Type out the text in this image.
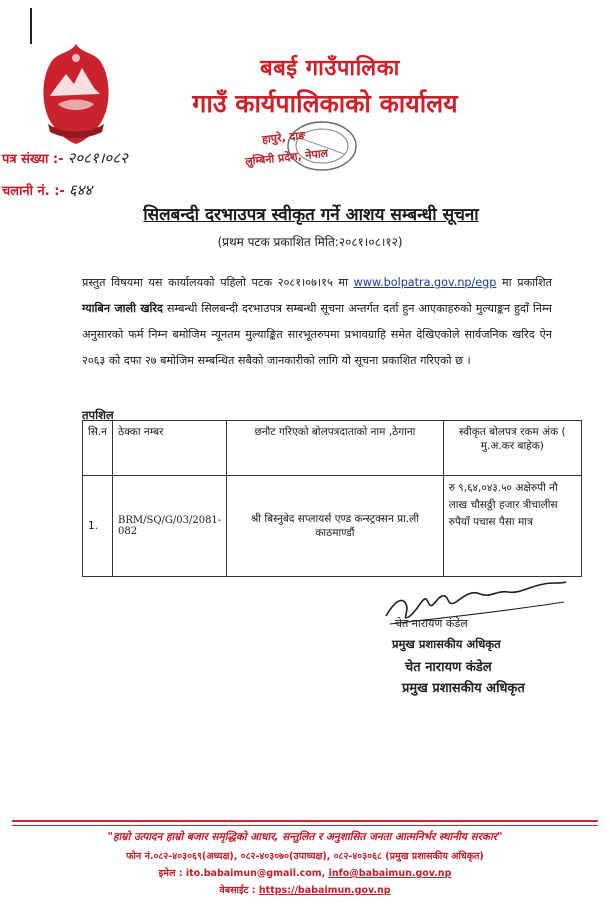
बबई गाउँपालिका
गाउँ कार्यपालिकाको कार्यालय
हापुरे, दाङ
लुम्बिनी प्रदेश, नेपाल
पत्र संख्या :- २०८१।०८२
चलानी नं. :- ६४४
सिलबन्दी दरभाउपत्र स्वीकृत गर्ने आशय सम्बन्धी सूचना
(प्रथम पटक प्रकाशित मिति:२०८१।०८।१२)
प्रस्तुत विषयमा यस कार्यालयको पहिलो पटक २०८१।०७।१५ मा www.bolpatra.gov.np/egp मा प्रकाशित ग्याबिन जाली खरिद सम्बन्धी सिलबन्दी दरभाउपत्र सम्बन्धी सूचना अन्तर्गत दर्ता हुन आएकाहरुको मुल्याङ्कन हुदाँ निम्न अनुसारको फर्म निम्न बमोजिम न्यूनतम मुल्याङ्कित सारभूतरुपमा प्रभावग्राहि समेत देखिएकोले सार्वजनिक खरिद ऐन २०६३ को दफा २७ बमोजिम सम्बन्धित सबैको जानकारीको लागि यो सूचना प्रकाशित गरिएको छ ।
तपशिल
सि.न	ठेक्का नम्बर	छनौट गरिएको बोलपत्रदाताको नाम ,ठेगाना	स्वीकृत बोलपत्र रकम अंक ( मु.अ.कर बाहेक)
1.	BRM/SQ/G/03/2081-082	श्री बिस्नुबेद सप्लायर्स एण्ड कन्स्ट्रक्सन प्रा.ली काठमाण्डौं	रु ९,६४,०४३.५० अक्षेरुपी नौ लाख चौसठ्ठी हजार त्रीचालीस रुपैयाँ पचास पैसा मात्र
चेत नारायण कंडेल
प्रमुख प्रशासकीय अधिकृत
चेत नारायण कंडेल
प्रमुख प्रशासकीय अधिकृत
"हाम्रो उत्पादन हाम्रो बजार समृद्धिको आधार, सन्तुलित र अनुशासित जनता आत्मनिर्भर स्थानीय सरकार"
फोन नं.०८२-४०३०६९(अध्यक्ष), ०८२-४०३०७०(उपाध्यक्ष), ०८२-४०३०६८ (प्रमुख प्रशासकीय अधिकृत)
इमेल : ito.babaimun@gmail.com, info@babaimun.gov.np
वेबसाईट : https://babaimun.gov.np
